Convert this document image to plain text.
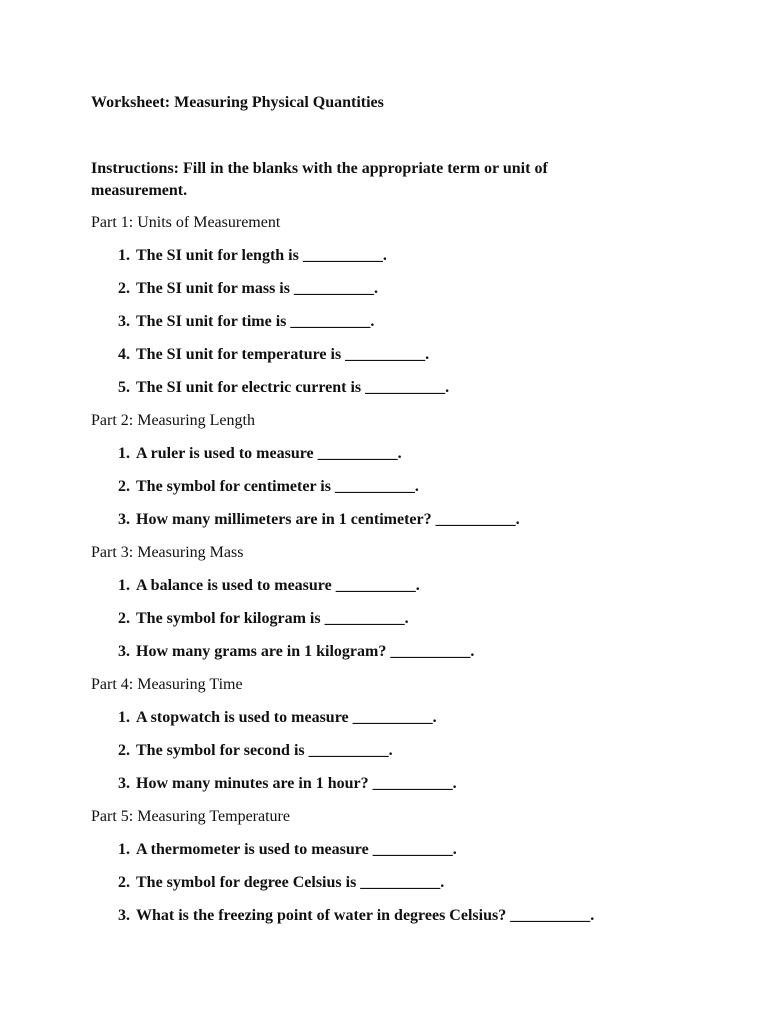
Worksheet: Measuring Physical Quantities

Instructions: Fill in the blanks with the appropriate term or unit of measurement.

Part 1: Units of Measurement

1. The SI unit for length is __________.
2. The SI unit for mass is __________.
3. The SI unit for time is __________.
4. The SI unit for temperature is __________.
5. The SI unit for electric current is __________.

Part 2: Measuring Length

1. A ruler is used to measure __________.
2. The symbol for centimeter is __________.
3. How many millimeters are in 1 centimeter? __________.

Part 3: Measuring Mass

1. A balance is used to measure __________.
2. The symbol for kilogram is __________.
3. How many grams are in 1 kilogram? __________.

Part 4: Measuring Time

1. A stopwatch is used to measure __________.
2. The symbol for second is __________.
3. How many minutes are in 1 hour? __________.

Part 5: Measuring Temperature

1. A thermometer is used to measure __________.
2. The symbol for degree Celsius is __________.
3. What is the freezing point of water in degrees Celsius? __________.
